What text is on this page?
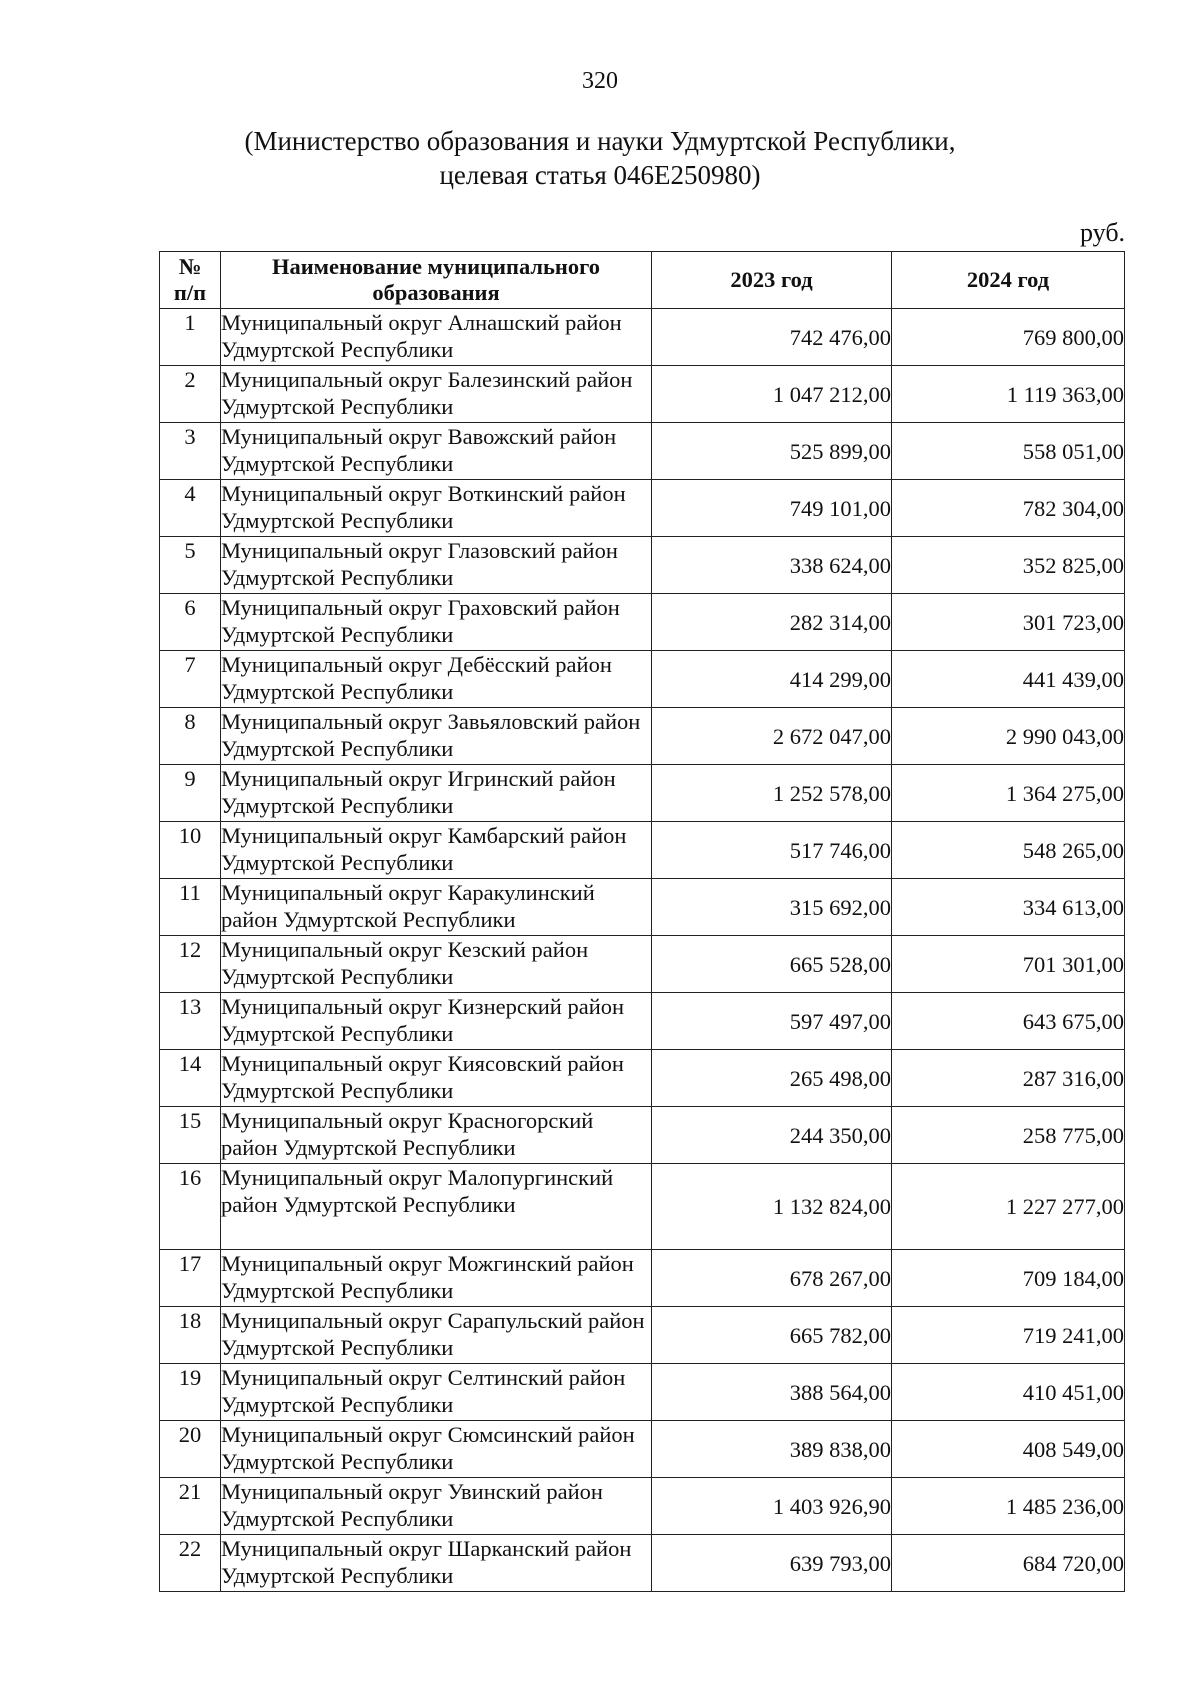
320
(Министерство образования и науки Удмуртской Республики,
целевая статья 046Е250980)
руб.
№
п/п	Наименование муниципального образования	2023 год	2024 год
1	Муниципальный округ Алнашский район Удмуртской Республики	742 476,00	769 800,00
2	Муниципальный округ Балезинский район Удмуртской Республики	1 047 212,00	1 119 363,00
3	Муниципальный округ Вавожский район Удмуртской Республики	525 899,00	558 051,00
4	Муниципальный округ Воткинский район Удмуртской Республики	749 101,00	782 304,00
5	Муниципальный округ Глазовский район Удмуртской Республики	338 624,00	352 825,00
6	Муниципальный округ Граховский район Удмуртской Республики	282 314,00	301 723,00
7	Муниципальный округ Дебёсский район Удмуртской Республики	414 299,00	441 439,00
8	Муниципальный округ Завьяловский район Удмуртской Республики	2 672 047,00	2 990 043,00
9	Муниципальный округ Игринский район Удмуртской Республики	1 252 578,00	1 364 275,00
10	Муниципальный округ Камбарский район Удмуртской Республики	517 746,00	548 265,00
11	Муниципальный округ Каракулинский район Удмуртской Республики	315 692,00	334 613,00
12	Муниципальный округ Кезский район Удмуртской Республики	665 528,00	701 301,00
13	Муниципальный округ Кизнерский район Удмуртской Республики	597 497,00	643 675,00
14	Муниципальный округ Киясовский район Удмуртской Республики	265 498,00	287 316,00
15	Муниципальный округ Красногорский район Удмуртской Республики	244 350,00	258 775,00
16	Муниципальный округ Малопургинский район Удмуртской Республики	1 132 824,00	1 227 277,00
17	Муниципальный округ Можгинский район Удмуртской Республики	678 267,00	709 184,00
18	Муниципальный округ Сарапульский район Удмуртской Республики	665 782,00	719 241,00
19	Муниципальный округ Селтинский район Удмуртской Республики	388 564,00	410 451,00
20	Муниципальный округ Сюмсинский район Удмуртской Республики	389 838,00	408 549,00
21	Муниципальный округ Увинский район Удмуртской Республики	1 403 926,90	1 485 236,00
22	Муниципальный округ Шарканский район Удмуртской Республики	639 793,00	684 720,00
